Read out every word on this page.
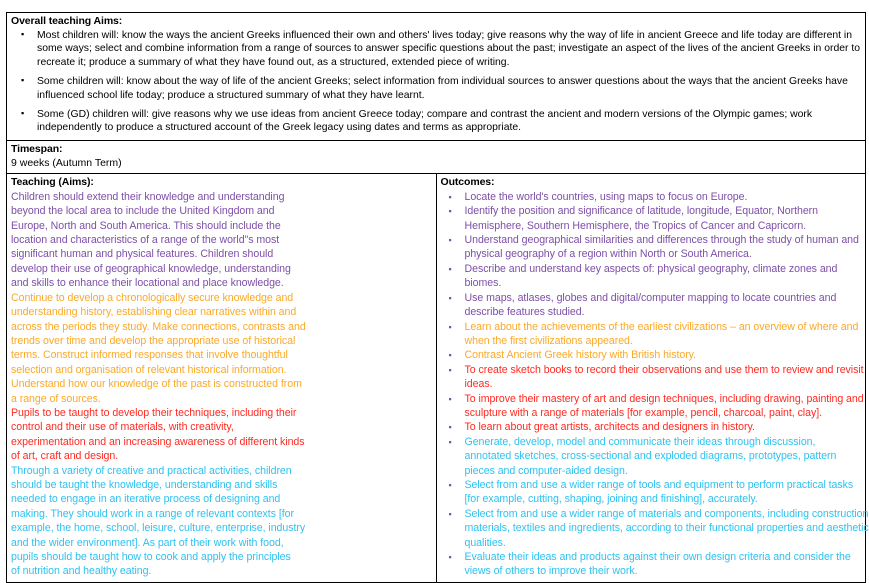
Overall teaching Aims:
▪ Most children will: know the ways the ancient Greeks influenced their own and others' lives today; give reasons why the way of life in ancient Greece and life today are different in some ways; select and combine information from a range of sources to answer specific questions about the past; investigate an aspect of the lives of the ancient Greeks in order to recreate it; produce a summary of what they have found out, as a structured, extended piece of writing.
▪ Some children will: know about the way of life of the ancient Greeks; select information from individual sources to answer questions about the ways that the ancient Greeks have influenced school life today; produce a structured summary of what they have learnt.
▪ Some (GD) children will: give reasons why we use ideas from ancient Greece today; compare and contrast the ancient and modern versions of the Olympic games; work independently to produce a structured account of the Greek legacy using dates and terms as appropriate.

Timespan:
9 weeks (Autumn Term)

Teaching (Aims):

Children should extend their knowledge and understanding
beyond the local area to include the United Kingdom and
Europe, North and South America. This should include the
location and characteristics of a range of the world"s most
significant human and physical features. Children should
develop their use of geographical knowledge, understanding
and skills to enhance their locational and place knowledge.

Continue to develop a chronologically secure knowledge and
understanding history, establishing clear narratives within and
across the periods they study. Make connections, contrasts and
trends over time and develop the appropriate use of historical
terms. Construct informed responses that involve thoughtful
selection and organisation of relevant historical information.
Understand how our knowledge of the past is constructed from
a range of sources.

Pupils to be taught to develop their techniques, including their
control and their use of materials, with creativity,
experimentation and an increasing awareness of different kinds
of art, craft and design.

Through a variety of creative and practical activities, children
should be taught the knowledge, understanding and skills
needed to engage in an iterative process of designing and
making. They should work in a range of relevant contexts [for
example, the home, school, leisure, culture, enterprise, industry
and the wider environment]. As part of their work with food,
pupils should be taught how to cook and apply the principles
of nutrition and healthy eating.

Outcomes:
▪ Locate the world's countries, using maps to focus on Europe.
▪ Identify the position and significance of latitude, longitude, Equator, Northern
Hemisphere, Southern Hemisphere, the Tropics of Cancer and Capricorn.
▪ Understand geographical similarities and differences through the study of human and
physical geography of a region within North or South America.
▪ Describe and understand key aspects of: physical geography, climate zones and
biomes.
▪ Use maps, atlases, globes and digital/computer mapping to locate countries and
describe features studied.
▪ Learn about the achievements of the earliest civilizations – an overview of where and
when the first civilizations appeared.
▪ Contrast Ancient Greek history with British history.
▪ To create sketch books to record their observations and use them to review and revisit
ideas.
▪ To improve their mastery of art and design techniques, including drawing, painting and
sculpture with a range of materials [for example, pencil, charcoal, paint, clay].
▪ To learn about great artists, architects and designers in history.
▪ Generate, develop, model and communicate their ideas through discussion,
annotated sketches, cross-sectional and exploded diagrams, prototypes, pattern
pieces and computer-aided design.
▪ Select from and use a wider range of tools and equipment to perform practical tasks
[for example, cutting, shaping, joining and finishing], accurately.
▪ Select from and use a wider range of materials and components, including construction
materials, textiles and ingredients, according to their functional properties and aesthetic
qualities.
▪ Evaluate their ideas and products against their own design criteria and consider the
views of others to improve their work.
